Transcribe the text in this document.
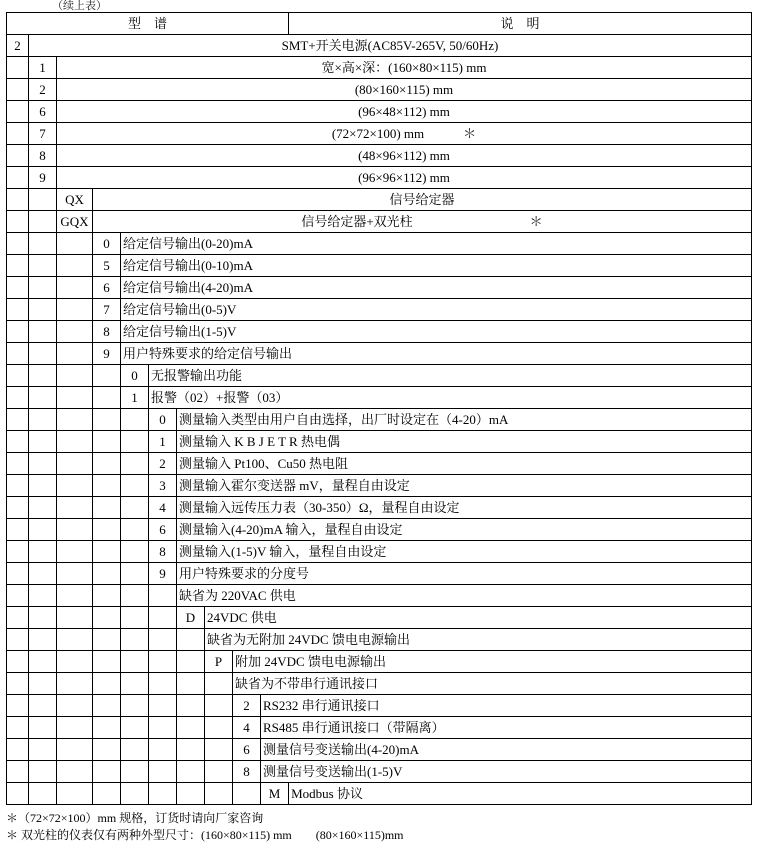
（续上表）
型　谱										说　明
2	SMT+开关电源(AC85V-265V, 50/60Hz)									
	1	宽×高×深：(160×80×115) mm								
	2	(80×160×115) mm								
	6	(96×48×112) mm								
	7	(72×72×100) mm　　　＊								
	8	(48×96×112) mm								
	9	(96×96×112) mm								
		QX	信号给定器							
		GQX	信号给定器+双光柱　　　　　　　　　＊							
			0	给定信号输出(0-20)mA						
			5	给定信号输出(0-10)mA						
			6	给定信号输出(4-20)mA						
			7	给定信号输出(0-5)V						
			8	给定信号输出(1-5)V						
			9	用户特殊要求的给定信号输出						
				0	无报警输出功能					
				1	报警（02）+报警（03）					
					0	测量输入类型由用户自由选择，出厂时设定在（4-20）mA				
					1	测量输入 K B J E T R 热电偶				
					2	测量输入 Pt100、Cu50 热电阻				
					3	测量输入霍尔变送器 mV，量程自由设定				
					4	测量输入远传压力表（30-350）Ω，量程自由设定				
					6	测量输入(4-20)mA 输入，量程自由设定				
					8	测量输入(1-5)V 输入，量程自由设定				
					9	用户特殊要求的分度号				
						缺省为 220VAC 供电				
						D	24VDC 供电			
							缺省为无附加 24VDC 馈电电源输出			
							P	附加 24VDC 馈电电源输出		
								缺省为不带串行通讯接口		
								2	RS232 串行通讯接口	
								4	RS485 串行通讯接口（带隔离）	
								6	测量信号变送输出(4-20)mA	
								8	测量信号变送输出(1-5)V	
									M	Modbus 协议
＊（72×72×100）mm 规格，订货时请向厂家咨询
＊ 双光柱的仪表仅有两种外型尺寸：(160×80×115) mm　　(80×160×115)mm
